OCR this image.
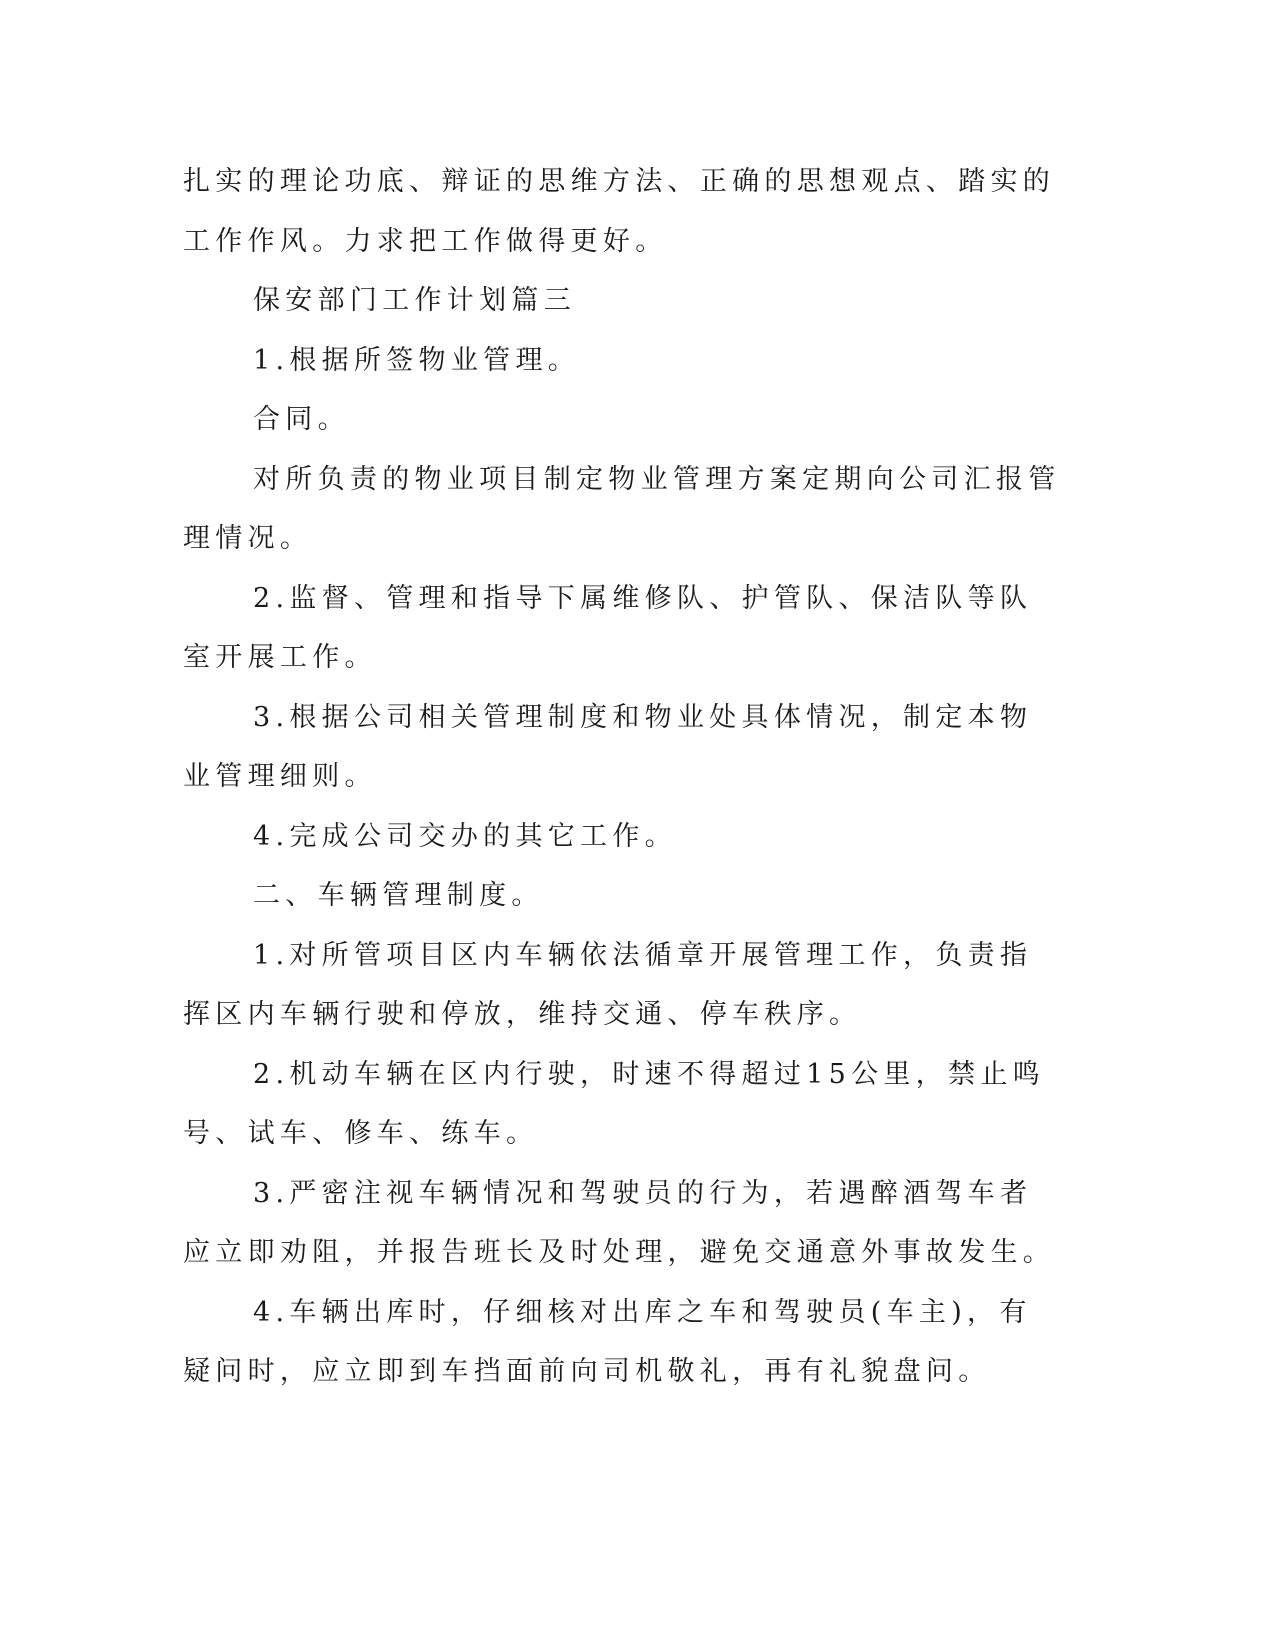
扎实的理论功底、辩证的思维方法、正确的思想观点、踏实的工作作风。力求把工作做得更好。

保安部门工作计划篇三

1.根据所签物业管理。

合同。

对所负责的物业项目制定物业管理方案定期向公司汇报管理情况。

2.监督、管理和指导下属维修队、护管队、保洁队等队室开展工作。

3.根据公司相关管理制度和物业处具体情况，制定本物业管理细则。

4.完成公司交办的其它工作。

二、车辆管理制度。

1.对所管项目区内车辆依法循章开展管理工作，负责指挥区内车辆行驶和停放，维持交通、停车秩序。

2.机动车辆在区内行驶，时速不得超过15公里，禁止鸣号、试车、修车、练车。

3.严密注视车辆情况和驾驶员的行为，若遇醉酒驾车者应立即劝阻，并报告班长及时处理，避免交通意外事故发生。

4.车辆出库时，仔细核对出库之车和驾驶员(车主)，有疑问时，应立即到车挡面前向司机敬礼，再有礼貌盘问。
